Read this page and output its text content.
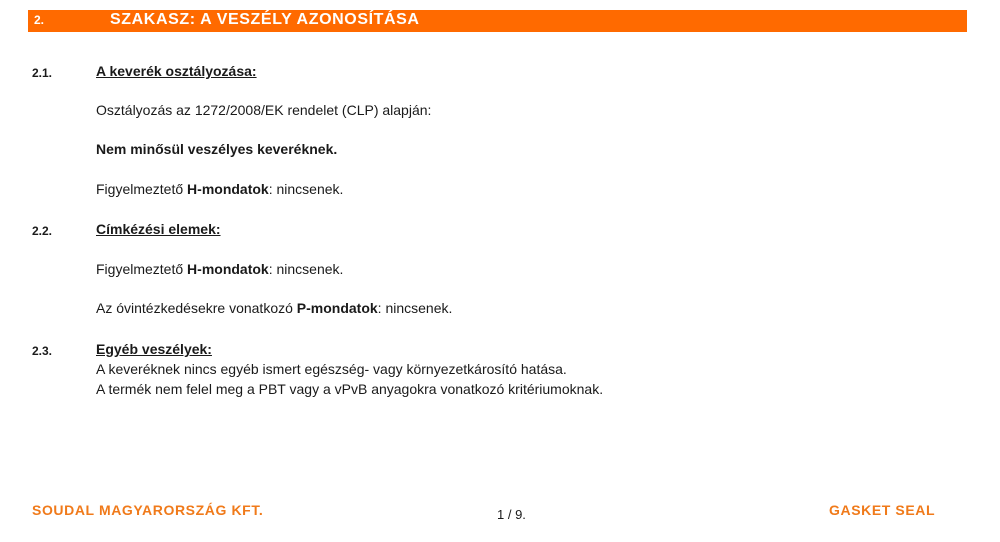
2.	SZAKASZ: A VESZÉLY AZONOSÍTÁSA
2.1.	A keverék osztályozása:
Osztályozás az 1272/2008/EK rendelet (CLP) alapján:
Nem minősül veszélyes keveréknek.
Figyelmeztető H-mondatok: nincsenek.
2.2.	Címkézési elemek:
Figyelmeztető H-mondatok: nincsenek.
Az óvintézkedésekre vonatkozó P-mondatok: nincsenek.
2.3.	Egyéb veszélyek:
A keveréknek nincs egyéb ismert egészség- vagy környezetkárosító hatása.
A termék nem felel meg a PBT vagy a vPvB anyagokra vonatkozó kritériumoknak.
SOUDAL MAGYARORSZÁG KFT.	1 / 9.	GASKET SEAL
